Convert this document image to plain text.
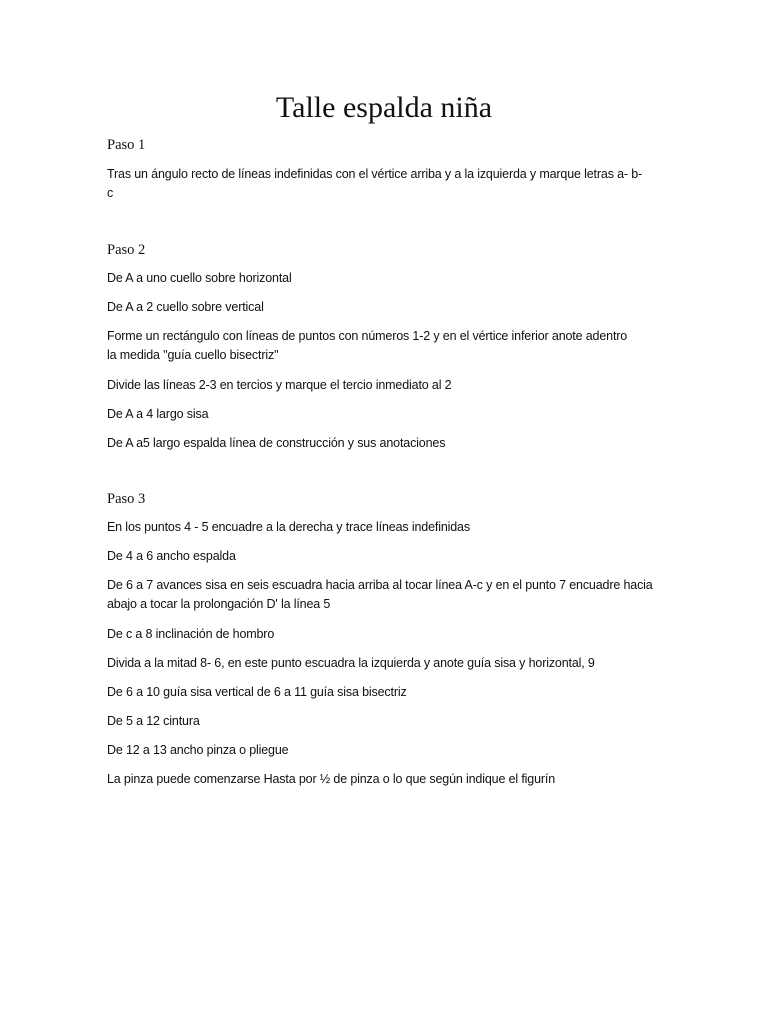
Talle espalda niña
Paso 1

Tras un ángulo recto de líneas indefinidas con el vértice arriba y a la izquierda y marque letras a- b-
c

Paso 2

De A a uno cuello sobre horizontal

De A a 2 cuello sobre vertical

Forme un rectángulo con líneas de puntos con números 1-2 y en el vértice inferior anote adentro
la medida "guía cuello bisectriz"

Divide las líneas 2-3 en tercios y marque el tercio inmediato al 2

De A a 4 largo sisa

De A a5 largo espalda línea de construcción y sus anotaciones

Paso 3

En los puntos 4 - 5 encuadre a la derecha y trace líneas indefinidas

De 4 a 6 ancho espalda

De 6 a 7 avances sisa en seis escuadra hacia arriba al tocar línea A-c y en el punto 7 encuadre hacia
abajo a tocar la prolongación D' la línea 5

De c a 8 inclinación de hombro

Divida a la mitad 8- 6, en este punto escuadra la izquierda y anote guía sisa y horizontal, 9

De 6 a 10 guía sisa vertical de 6 a 11 guía sisa bisectriz

De 5 a 12 cintura

De 12 a 13 ancho pinza o pliegue

La pinza puede comenzarse Hasta por ½ de pinza o lo que según indique el figurín
